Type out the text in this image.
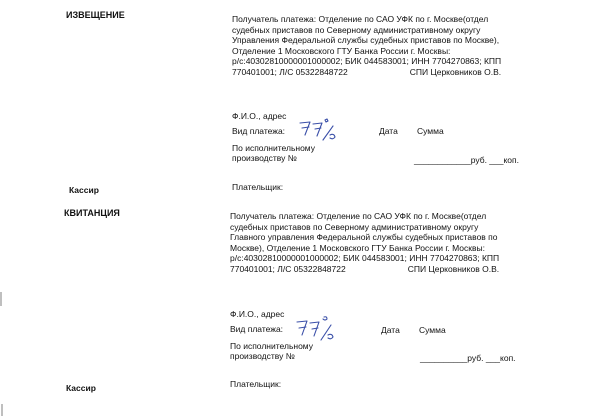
ИЗВЕЩЕНИЕ	Получатель платежа: Отделение по САО УФК по г. Москве(отдел
судебных приставов по Северному административному округу
Управления Федеральной службы судебных приставов по Москве),
Отделение 1 Московского ГТУ Банка России г. Москвы:
р/с:40302810000001000002; БИК 044583001; ИНН 7704270863; КПП
770401001; Л/С 05322848722	СПИ Церковников О.В.
Ф.И.О., адрес
Вид платежа:	Дата Сумма
По исполнительному
производству №	____________руб. ___коп.
Кассир	Плательщик:
КВИТАНЦИЯ	Получатель платежа: Отделение по САО УФК по г. Москве(отдел
судебных приставов по Северному административному округу
Главного управления Федеральной службы судебных приставов по
Москве), Отделение 1 Московского ГТУ Банка России г. Москвы:
р/с:40302810000001000002; БИК 044583001; ИНН 7704270863; КПП
770401001; Л/С 05322848722	СПИ Церковников О.В.
Ф.И.О., адрес
Вид платежа:	Дата Сумма
По исполнительному
производству №	__________руб. ___коп.
Кассир	Плательщик:
